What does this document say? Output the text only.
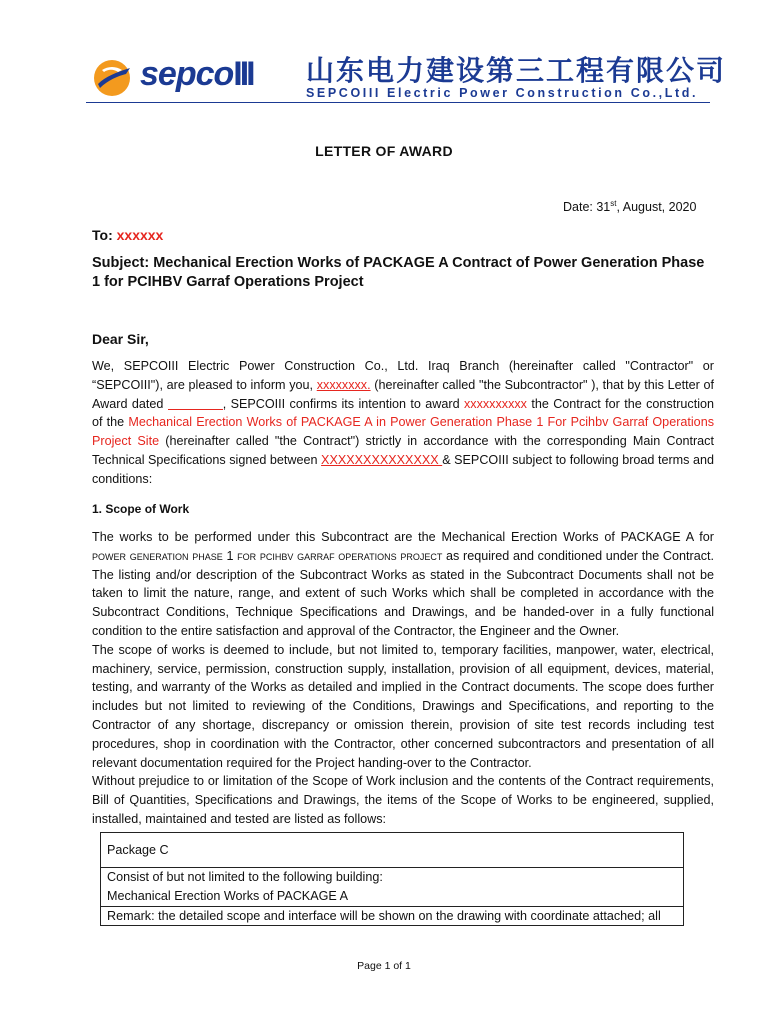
sepcoIII 山东电力建设第三工程有限公司
SEPCOIII Electric Power Construction Co.,Ltd.
LETTER OF AWARD
Date: 31st, August, 2020
To: xxxxxx
Subject: Mechanical Erection Works of PACKAGE A Contract of Power Generation Phase 1 for PCIHBV Garraf Operations Project
Dear Sir,
We, SEPCOIII Electric Power Construction Co., Ltd. Iraq Branch (hereinafter called "Contractor" or “SEPCOIII"), are pleased to inform you, xxxxxxxx. (hereinafter called "the Subcontractor" ), that by this Letter of Award dated	, SEPCOIII confirms its intention to award xxxxxxxxxx the Contract for the construction of the Mechanical Erection Works of PACKAGE A in Power Generation Phase 1 For Pcihbv Garraf Operations Project Site (hereinafter called "the Contract") strictly in accordance with the corresponding Main Contract Technical Specifications signed between XXXXXXXXXXXXXX & SEPCOIII subject to following broad terms and conditions:
1. Scope of Work
The works to be performed under this Subcontract are the Mechanical Erection Works of PACKAGE A for power generation phase 1 for pcihbv garraf operations project as required and conditioned under the Contract. The listing and/or description of the Subcontract Works as stated in the Subcontract Documents shall not be taken to limit the nature, range, and extent of such Works which shall be completed in accordance with the Subcontract Conditions, Technique Specifications and Drawings, and be handed-over in a fully functional condition to the entire satisfaction and approval of the Contractor, the Engineer and the Owner.
The scope of works is deemed to include, but not limited to, temporary facilities, manpower, water, electrical, machinery, service, permission, construction supply, installation, provision of all equipment, devices, material, testing, and warranty of the Works as detailed and implied in the Contract documents. The scope does further includes but not limited to reviewing of the Conditions, Drawings and Specifications, and reporting to the Contractor of any shortage, discrepancy or omission therein, provision of site test records including test procedures, shop in coordination with the Contractor, other concerned subcontractors and presentation of all relevant documentation required for the Project handing-over to the Contractor.
Without prejudice to or limitation of the Scope of Work inclusion and the contents of the Contract requirements, Bill of Quantities, Specifications and Drawings, the items of the Scope of Works to be engineered, supplied, installed, maintained and tested are listed as follows:
Package C
Consist of but not limited to the following building:
Mechanical Erection Works of PACKAGE A
Remark: the detailed scope and interface will be shown on the drawing with coordinate attached; all
Page 1 of 1
